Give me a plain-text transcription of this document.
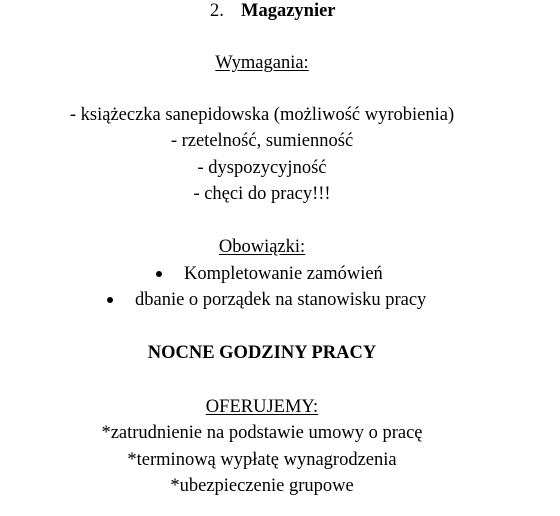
2. Magazynier
Wymagania:
- książeczka sanepidowska (możliwość wyrobienia)
- rzetelność, sumienność
- dyspozycyjność
- chęci do pracy!!!
Obowiązki:
Kompletowanie zamówień
dbanie o porządek na stanowisku pracy
NOCNE GODZINY PRACY
OFERUJEMY:
*zatrudnienie na podstawie umowy o pracę
*terminową wypłatę wynagrodzenia
*ubezpieczenie grupowe
